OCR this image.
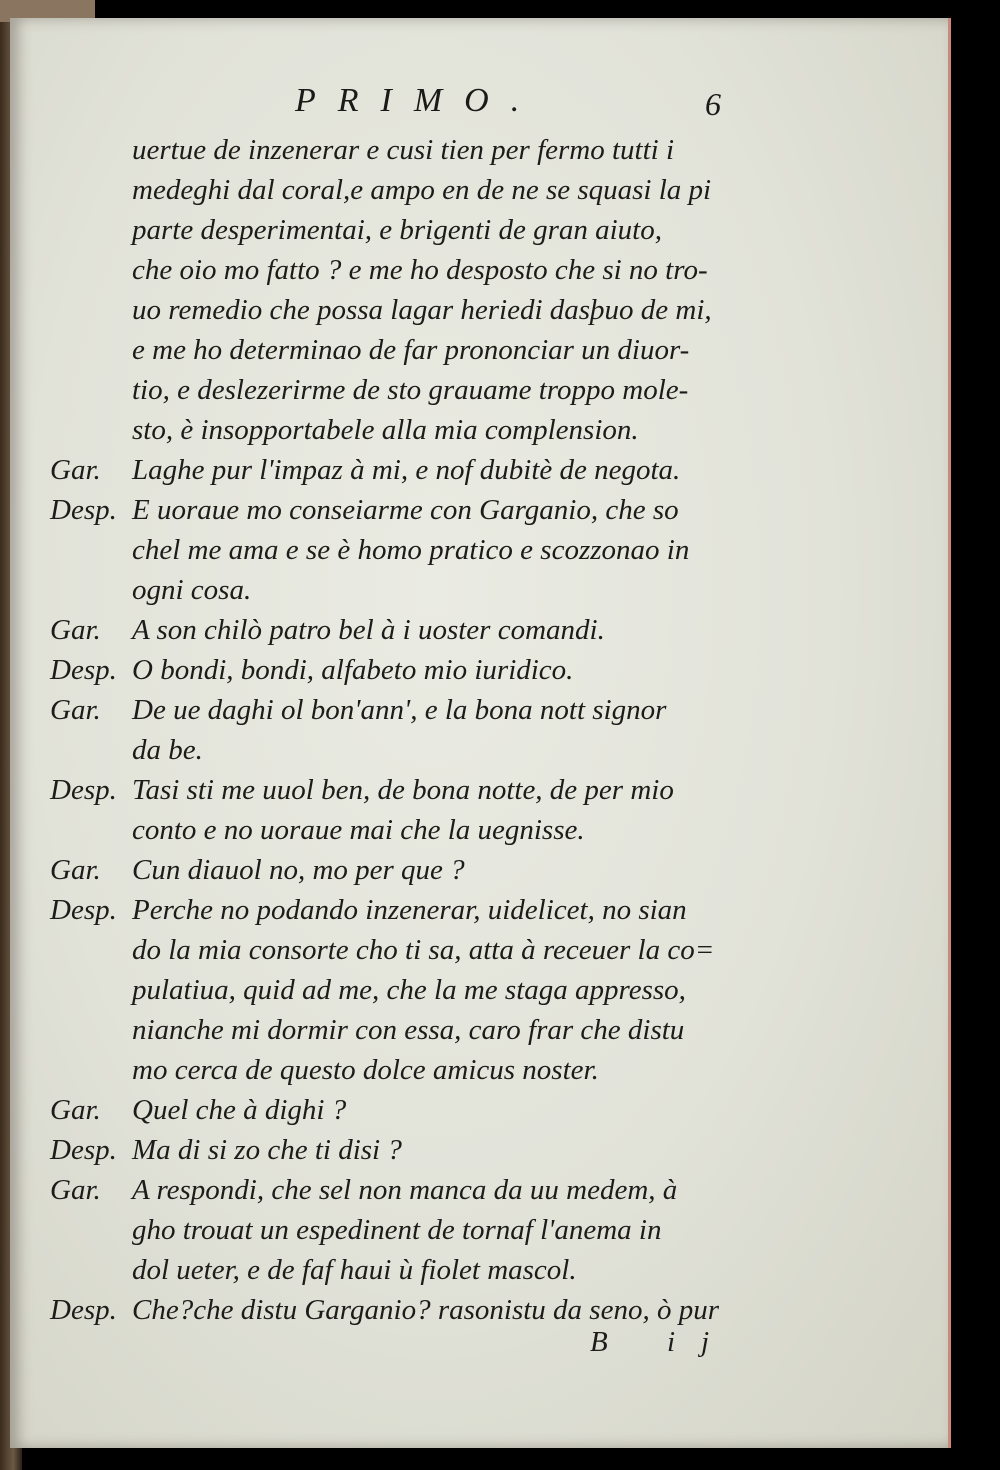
PRIMO.	6
uertue de inzenerar e cusi tien per fermo tutti i
medeghi dal coral,e ampo en de ne se squasi la pi
parte desperimentai, e brigenti de gran aiuto,
che oio mo fatto ? e me ho desposto che si no tro-
uo remedio che possa lagar heriedi dasþuo de mi,
e me ho determinao de far prononciar un diuor-
tio, e deslezerirme de sto grauame troppo mole-
sto, è insopportabele alla mia complension.
Gar.	Laghe pur l'impaz à mi, e nof dubitè de negota.
Desp. E uoraue mo conseiarme con Garganio, che so
chel me ama e se è homo pratico e scozzonao in
ogni cosa.
Gar.	A son chilò patro bel à i uoster comandi.
Desp. O bondi, bondi, alfabeto mio iuridico.
Gar.	De ue daghi ol bon'ann', e la bona nott signor
da be.
Desp. Tasi sti me uuol ben, de bona notte, de per mio
conto e no uoraue mai che la uegnisse.
Gar.	Cun diauol no, mo per que ?
Desp. Perche no podando inzenerar, uidelicet, no sian
do la mia consorte cho ti sa, atta à receuer la co=
pulatiua, quid ad me, che la me staga appresso,
nianche mi dormir con essa, caro frar che distu
mo cerca de questo dolce amicus noster.
Gar.	Quel che à dighi ?
Desp. Ma di si zo che ti disi ?
Gar.	A respondi, che sel non manca da uu medem, à
gho trouat un espedinent de tornaf l'anema in
dol ueter, e de faf haui ù fiolet mascol.
Desp. Che?che distu Garganio? rasonistu da seno, ò pur
B ij
